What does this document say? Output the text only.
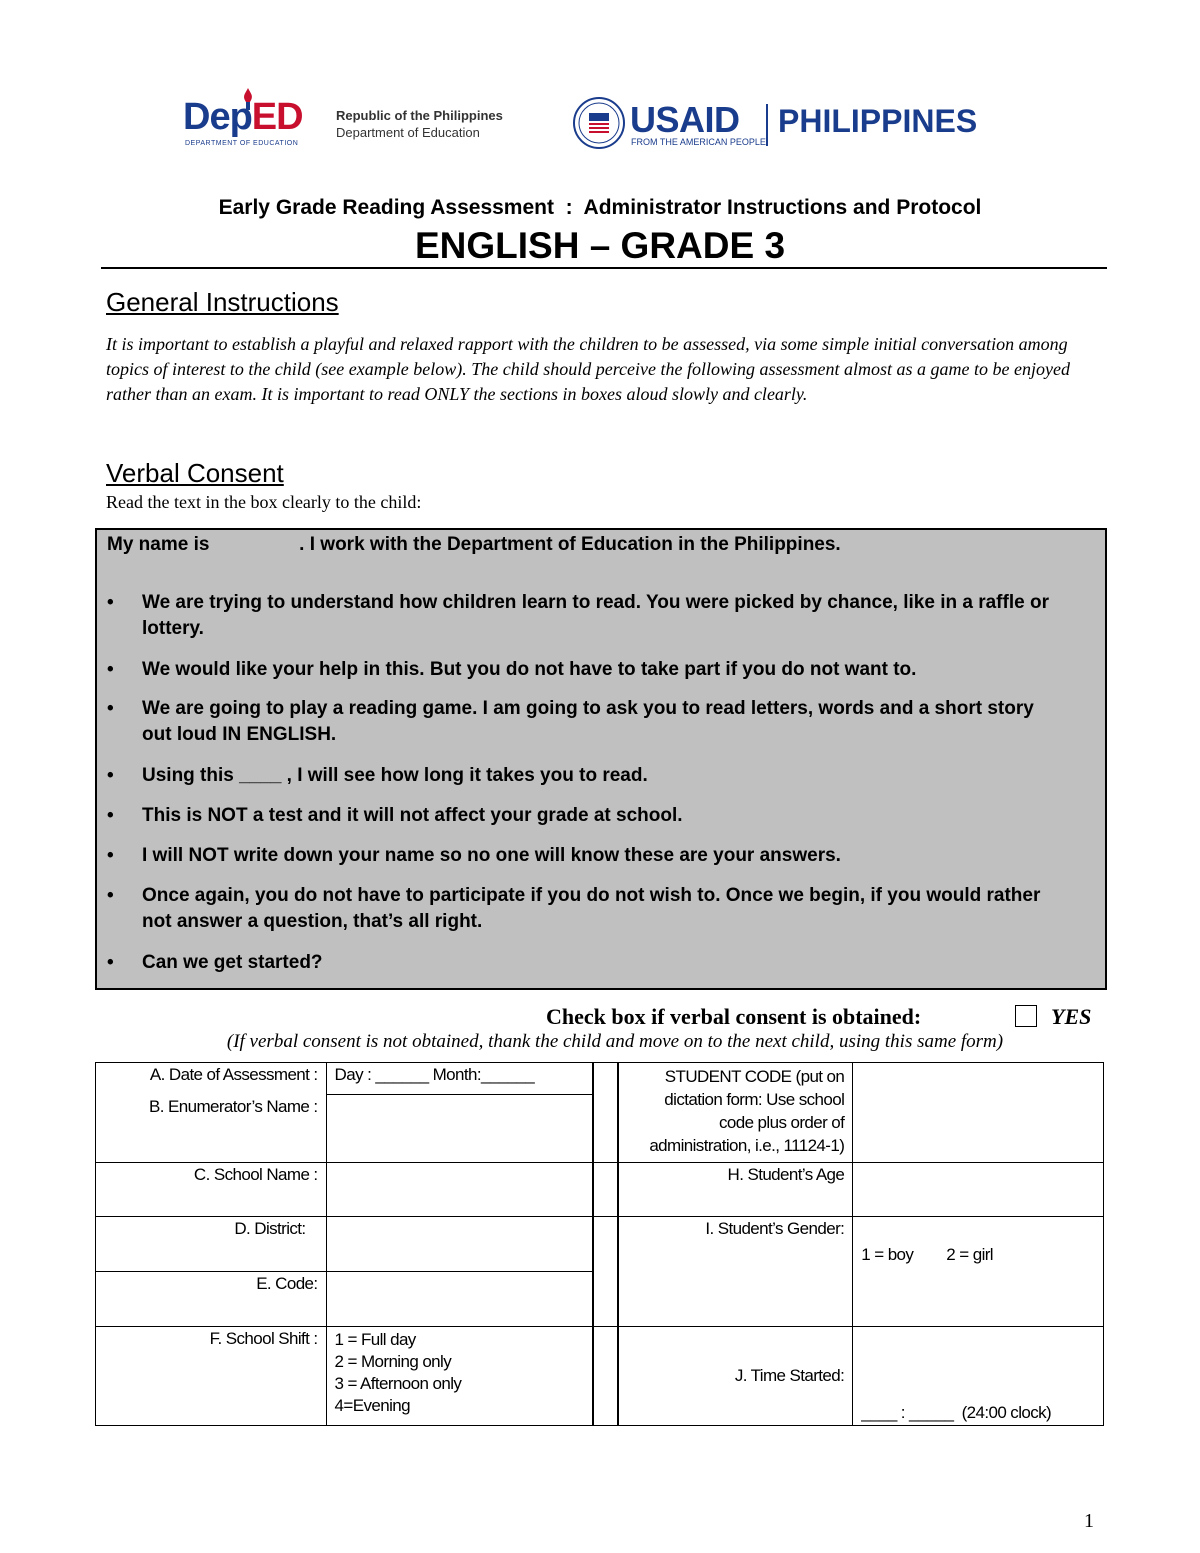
DepED
DEPARTMENT OF EDUCATION
Republic of the Philippines
Department of Education	USAID
FROM THE AMERICAN PEOPLE
PHILIPPINES
Early Grade Reading Assessment  :  Administrator Instructions and Protocol
ENGLISH – GRADE 3
General Instructions
It is important to establish a playful and relaxed rapport with the children to be assessed, via some simple initial conversation among topics of interest to the child (see example below). The child should perceive the following assessment almost as a game to be enjoyed rather than an exam. It is important to read ONLY the sections in boxes aloud slowly and clearly.
Verbal Consent
Read the text in the box clearly to the child:
My name is                 . I work with the Department of Education in the Philippines.
• We are trying to understand how children learn to read. You were picked by chance, like in a raffle or lottery.
• We would like your help in this. But you do not have to take part if you do not want to.
• We are going to play a reading game. I am going to ask you to read letters, words and a short story out loud IN ENGLISH.
• Using this ____ , I will see how long it takes you to read.
• This is NOT a test and it will not affect your grade at school.
• I will NOT write down your name so no one will know these are your answers.
• Once again, you do not have to participate if you do not wish to. Once we begin, if you would rather not answer a question, that’s all right.
• Can we get started?
Check box if verbal consent is obtained:	YES
(If verbal consent is not obtained, thank the child and move on to the next child, using this same form)
A. Date of Assessment :	Day : ______ Month:______
B. Enumerator’s Name :	
C. School Name :	
D. District:	
E. Code:	
F. School Shift :	1 = Full day
2 = Morning only
3 = Afternoon only
4=Evening

STUDENT CODE (put on dictation form: Use school code plus order of administration, i.e., 11124-1)	
H. Student’s Age	
I. Student’s Gender:	1 = boy        2 = girl

J. Time Started:	____ : _____  (24:00 clock)
1
